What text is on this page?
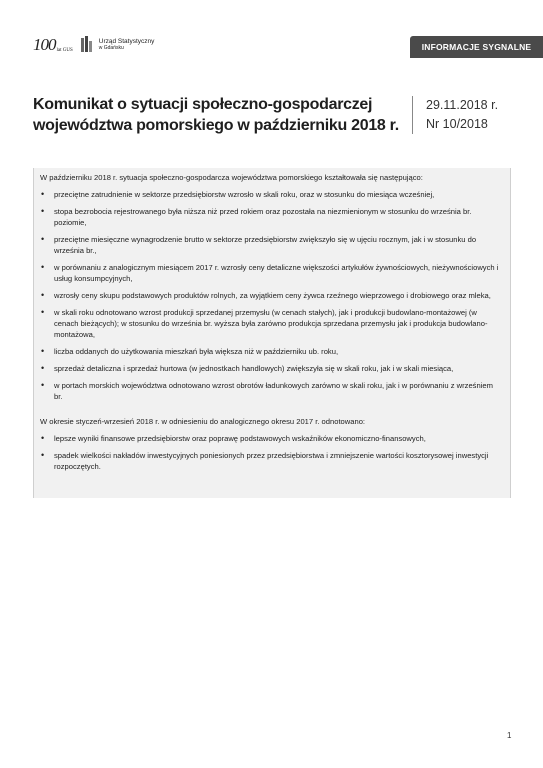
100 lat GUS
Urząd Statystyczny
w Gdańsku	INFORMACJE SYGNALNE
Komunikat o sytuacji społeczno-gospodarczej
województwa pomorskiego w październiku 2018 r.
29.11.2018 r.
Nr 10/2018

W październiku 2018 r. sytuacja społeczno-gospodarcza województwa pomorskiego kształtowała się następująco:

• przeciętne zatrudnienie w sektorze przedsiębiorstw wzrosło w skali roku, oraz w stosunku do miesiąca wcześniej,
• stopa bezrobocia rejestrowanego była niższa niż przed rokiem oraz pozostała na niezmienionym w stosunku do września br. poziomie,
• przeciętne miesięczne wynagrodzenie brutto w sektorze przedsiębiorstw zwiększyło się w ujęciu rocznym, jak i w stosunku do września br.,
• w porównaniu z analogicznym miesiącem 2017 r. wzrosły ceny detaliczne większości artykułów żywnościowych, nieżywnościowych i usług konsumpcyjnych,
• wzrosły ceny skupu podstawowych produktów rolnych, za wyjątkiem ceny żywca rzeźnego wieprzowego i drobiowego oraz mleka,
• w skali roku odnotowano wzrost produkcji sprzedanej przemysłu (w cenach stałych), jak i produkcji budowlano-montażowej (w cenach bieżących); w stosunku do września br. wyższa była zarówno produkcja sprzedana przemysłu jak i produkcja budowlano-montażowa,
• liczba oddanych do użytkowania mieszkań była większa niż w październiku ub. roku,
• sprzedaż detaliczna i sprzedaż hurtowa (w jednostkach handlowych) zwiększyła się w skali roku, jak i w skali miesiąca,
• w portach morskich województwa odnotowano wzrost obrotów ładunkowych zarówno w skali roku, jak i w porównaniu z wrześniem br.

W okresie styczeń-wrzesień 2018 r. w odniesieniu do analogicznego okresu 2017 r. odnotowano:

• lepsze wyniki finansowe przedsiębiorstw oraz poprawę podstawowych wskaźników ekonomiczno-finansowych,
• spadek wielkości nakładów inwestycyjnych poniesionych przez przedsiębiorstwa i zmniejszenie wartości kosztorysowej inwestycji rozpoczętych.
1
